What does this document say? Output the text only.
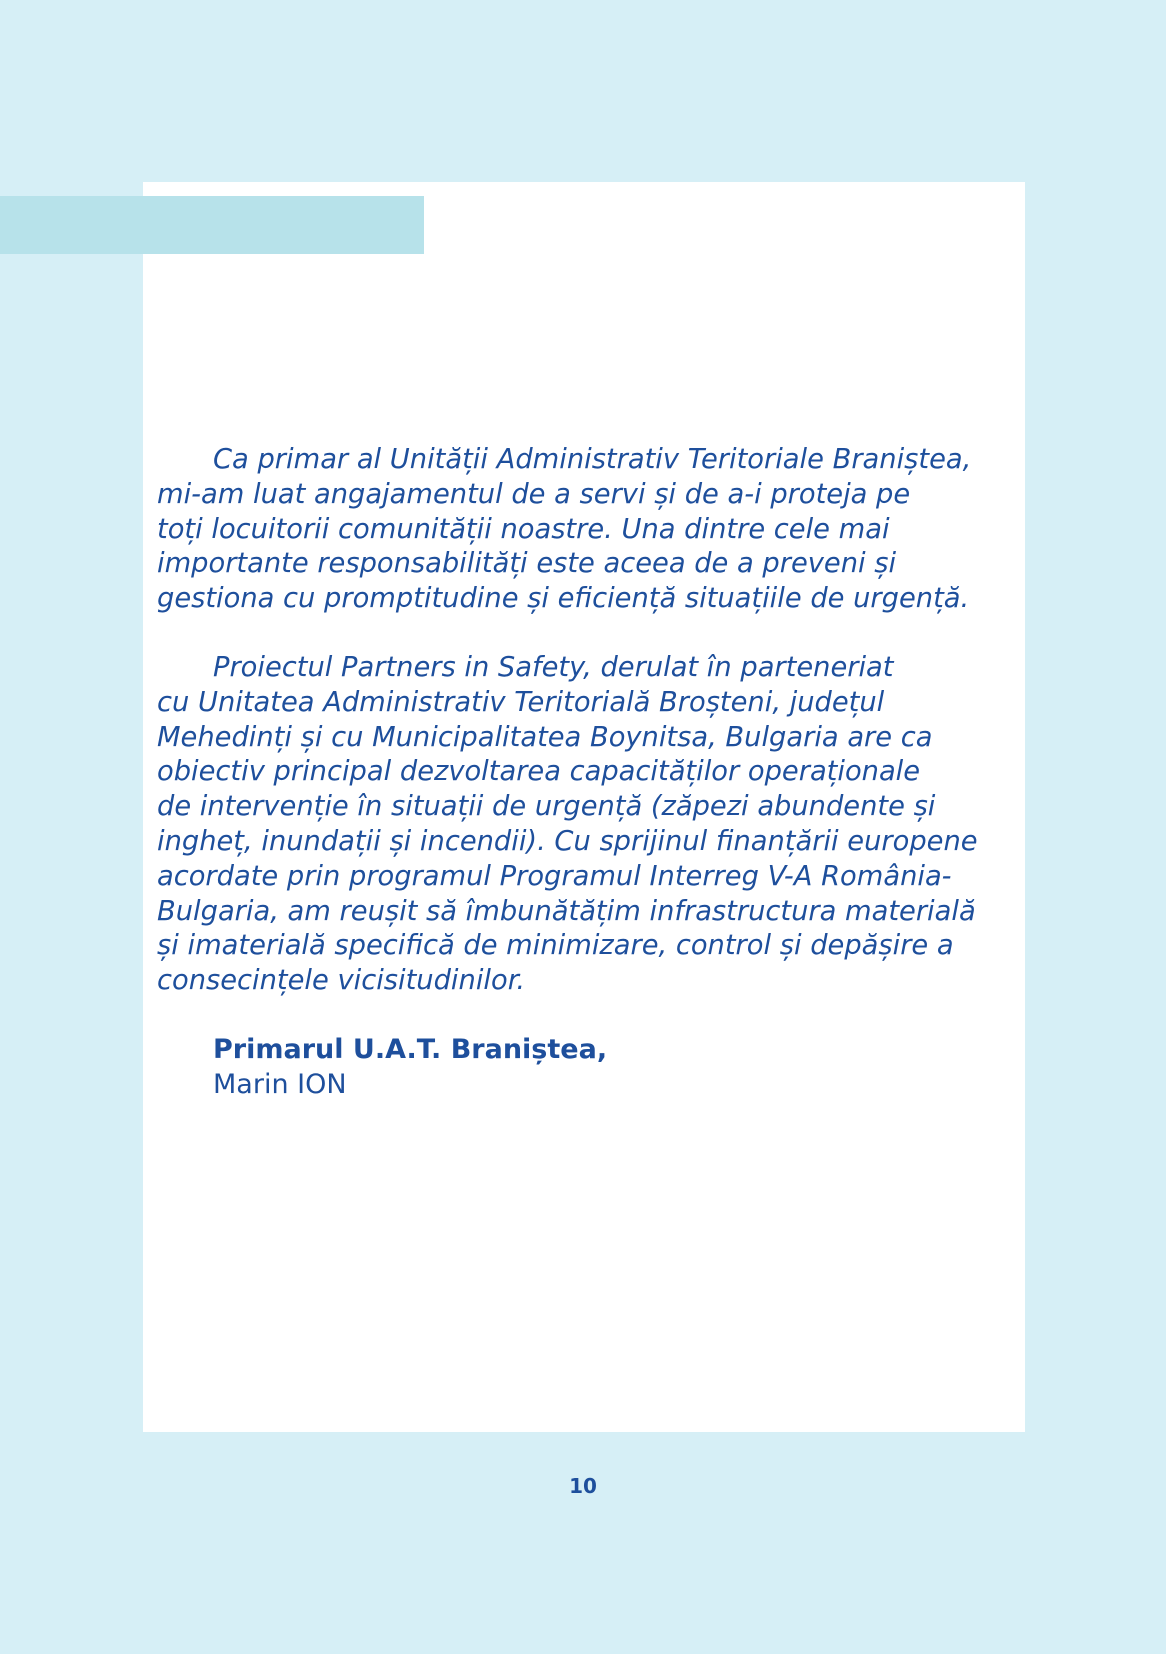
Ca primar al Unității Administrativ Teritoriale Braniștea,
mi-am luat angajamentul de a servi și de a-i proteja pe
toți locuitorii comunității noastre. Una dintre cele mai
importante responsabilități este aceea de a preveni și
gestiona cu promptitudine și eficiență situațiile de urgență.

Proiectul Partners in Safety, derulat în parteneriat
cu Unitatea Administrativ Teritorială Broșteni, județul
Mehedinți și cu Municipalitatea Boynitsa, Bulgaria are ca
obiectiv principal dezvoltarea capacităților operaționale
de intervenție în situații de urgență (zăpezi abundente și
ingheț, inundații și incendii). Cu sprijinul finanțării europene
acordate prin programul Programul Interreg V-A România-
Bulgaria, am reușit să îmbunătățim infrastructura materială
și imaterială specifică de minimizare, control și depășire a
consecințele vicisitudinilor.

Primarul U.A.T. Braniștea,
Marin ION
10
